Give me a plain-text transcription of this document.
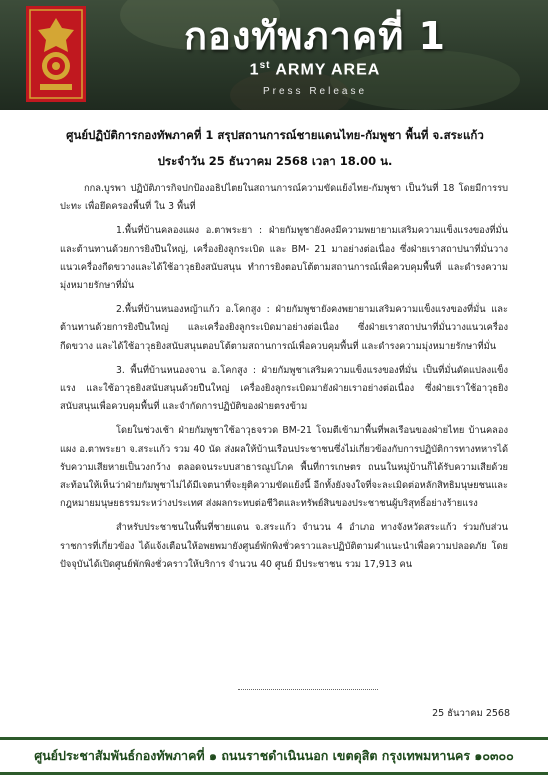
กองทัพภาคที่ 1
1st ARMY AREA
Press Release
ศูนย์ปฏิบัติการกองทัพภาคที่ 1 สรุปสถานการณ์ชายแดนไทย-กัมพูชา พื้นที่ จ.สระแก้ว
ประจำวัน 25 ธันวาคม 2568 เวลา 18.00 น.

กกล.บูรพา ปฏิบัติภารกิจปกป้องอธิปไตยในสถานการณ์ความขัดแย้งไทย-กัมพูชา เป็นวันที่ 18 โดยมีการรบปะทะ เพื่อยึดครองพื้นที่ ใน 3 พื้นที่

1.พื้นที่บ้านคลองแผง อ.ตาพระยา : ฝ่ายกัมพูชายังคงมีความพยายามเสริมความแข็งแรงของที่มั่น และต้านทานด้วยการยิงปืนใหญ่, เครื่องยิงลูกระเบิด และ BM- 21 มาอย่างต่อเนื่อง ซึ่งฝ่ายเราสถาปนาที่มั่นวางแนวเครื่องกีดขวางและได้ใช้อาวุธยิงสนับสนุน ทำการยิงตอบโต้ตามสถานการณ์เพื่อควบคุมพื้นที่ และดำรงความมุ่งหมายรักษาที่มั่น

2.พื้นที่บ้านหนองหญ้าแก้ว อ.โคกสูง : ฝ่ายกัมพูชายังคงพยายามเสริมความแข็งแรงของที่มั่น และต้านทานด้วยการยิงปืนใหญ่ และเครื่องยิงลูกระเบิดมาอย่างต่อเนื่อง ซึ่งฝ่ายเราสถาปนาที่มั่นวางแนวเครื่องกีดขวาง และได้ใช้อาวุธยิงสนับสนุนตอบโต้ตามสถานการณ์เพื่อควบคุมพื้นที่ และดำรงความมุ่งหมายรักษาที่มั่น

3. พื้นที่บ้านหนองจาน อ.โคกสูง : ฝ่ายกัมพูชาเสริมความแข็งแรงของที่มั่น เป็นที่มั่นดัดแปลงแข็งแรง และใช้อาวุธยิงสนับสนุนด้วยปืนใหญ่ เครื่องยิงลูกระเบิดมายังฝ่ายเราอย่างต่อเนื่อง ซึ่งฝ่ายเราใช้อาวุธยิงสนับสนุนเพื่อควบคุมพื้นที่ และจำกัดการปฏิบัติของฝ่ายตรงข้าม

โดยในช่วงเช้า ฝ่ายกัมพูชาใช้อาวุธจรวด BM-21 โจมตีเข้ามาพื้นที่พลเรือนของฝ่ายไทย บ้านคลองแผง อ.ตาพระยา จ.สระแก้ว รวม 40 นัด ส่งผลให้บ้านเรือนประชาชนซึ่งไม่เกี่ยวข้องกับการปฏิบัติการทางทหารได้รับความเสียหายเป็นวงกว้าง ตลอดจนระบบสาธารณูปโภค พื้นที่การเกษตร ถนนในหมู่บ้านก็ได้รับความเสียด้วย สะท้อนให้เห็นว่าฝ่ายกัมพูชาไม่ได้มีเจตนาที่จะยุติความขัดแย้งนี้ อีกทั้งยังจงใจที่จะละเมิดต่อหลักสิทธิมนุษยชนและกฎหมายมนุษยธรรมระหว่างประเทศ ส่งผลกระทบต่อชีวิตและทรัพย์สินของประชาชนผู้บริสุทธิ์อย่างร้ายแรง

สำหรับประชาชนในพื้นที่ชายแดน จ.สระแก้ว จำนวน 4 อำเภอ ทางจังหวัดสระแก้ว ร่วมกับส่วนราชการที่เกี่ยวข้อง ได้แจ้งเตือนให้อพยพมายังศูนย์พักพิงชั่วคราวและปฏิบัติตามคำแนะนำเพื่อความปลอดภัย โดยปัจจุบันได้เปิดศูนย์พักพิงชั่วคราวให้บริการ จำนวน 40 ศูนย์ มีประชาชน รวม 17,913 คน

25 ธันวาคม 2568
ศูนย์ประชาสัมพันธ์กองทัพภาคที่ ๑ ถนนราชดำเนินนอก เขตดุสิต กรุงเทพมหานคร ๑๐๓๐๐
